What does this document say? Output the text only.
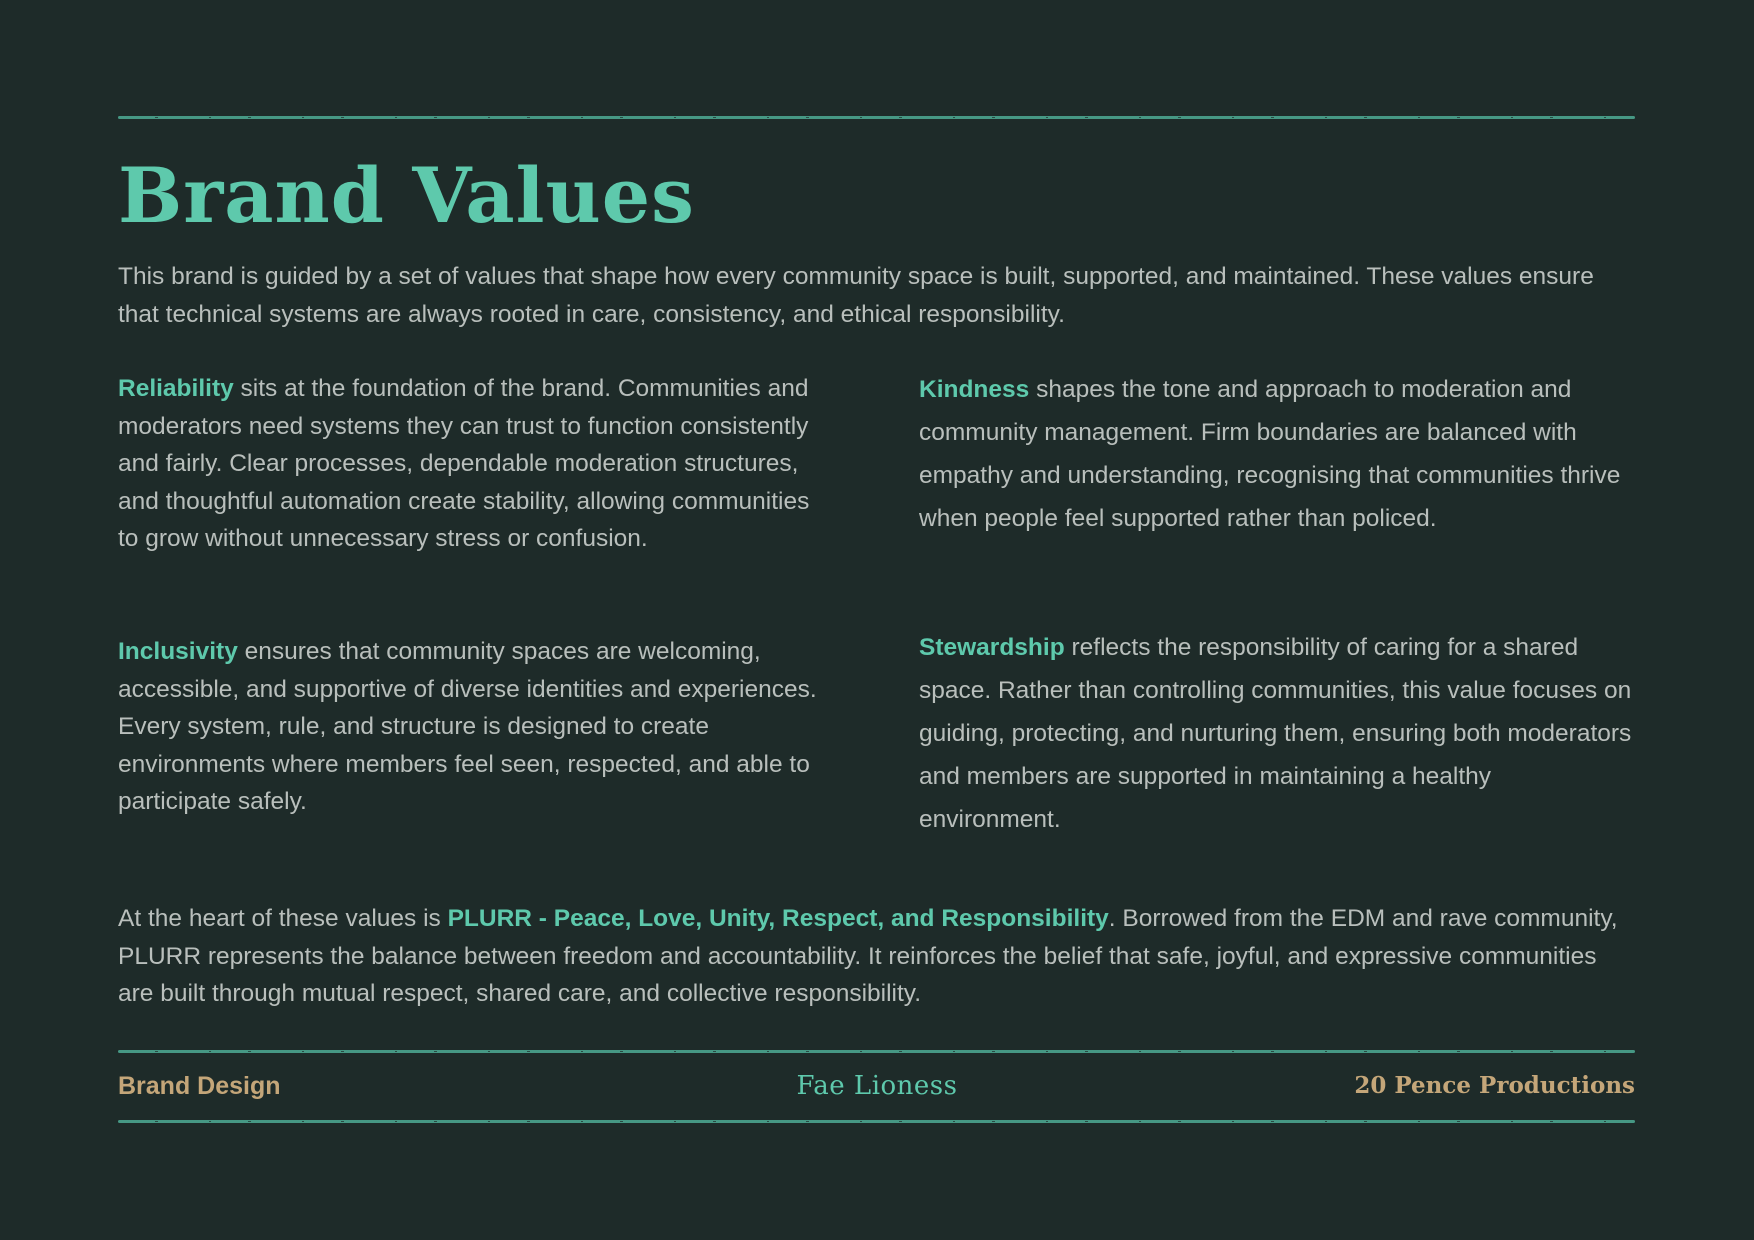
Brand Values

This brand is guided by a set of values that shape how every community space is built, supported, and maintained. These values ensure that technical systems are always rooted in care, consistency, and ethical responsibility.

Reliability sits at the foundation of the brand. Communities and moderators need systems they can trust to function consistently and fairly. Clear processes, dependable moderation structures, and thoughtful automation create stability, allowing communities to grow without unnecessary stress or confusion.

Inclusivity ensures that community spaces are welcoming, accessible, and supportive of diverse identities and experiences. Every system, rule, and structure is designed to create environments where members feel seen, respected, and able to participate safely.

Kindness shapes the tone and approach to moderation and community management. Firm boundaries are balanced with empathy and understanding, recognising that communities thrive when people feel supported rather than policed.

Stewardship reflects the responsibility of caring for a shared space. Rather than controlling communities, this value focuses on guiding, protecting, and nurturing them, ensuring both moderators and members are supported in maintaining a healthy environment.

At the heart of these values is PLURR - Peace, Love, Unity, Respect, and Responsibility. Borrowed from the EDM and rave community, PLURR represents the balance between freedom and accountability. It reinforces the belief that safe, joyful, and expressive communities are built through mutual respect, shared care, and collective responsibility.

Fae Lioness
Brand Design	20 Pence Productions
